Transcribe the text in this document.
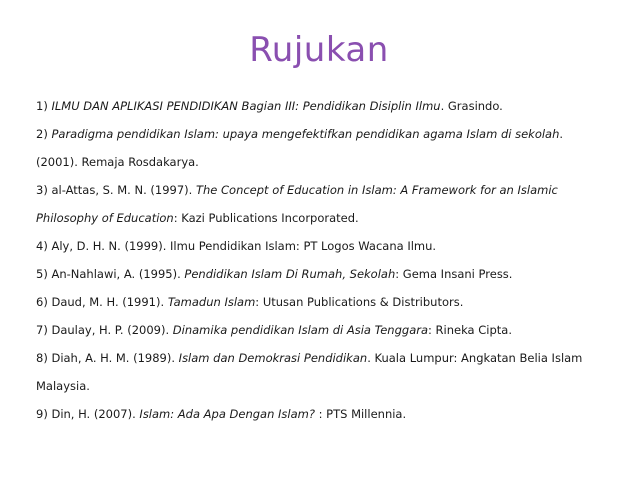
Rujukan
1) ILMU DAN APLIKASI PENDIDIKAN Bagian III: Pendidikan Disiplin Ilmu. Grasindo.
2) Paradigma pendidikan Islam: upaya mengefektifkan pendidikan agama Islam di sekolah.
(2001). Remaja Rosdakarya.
3) al-Attas, S. M. N. (1997). The Concept of Education in Islam: A Framework for an Islamic
Philosophy of Education: Kazi Publications Incorporated.
4) Aly, D. H. N. (1999). Ilmu Pendidikan Islam: PT Logos Wacana Ilmu.
5) An-Nahlawi, A. (1995). Pendidikan Islam Di Rumah, Sekolah: Gema Insani Press.
6) Daud, M. H. (1991). Tamadun Islam: Utusan Publications & Distributors.
7) Daulay, H. P. (2009). Dinamika pendidikan Islam di Asia Tenggara: Rineka Cipta.
8) Diah, A. H. M. (1989). Islam dan Demokrasi Pendidikan. Kuala Lumpur: Angkatan Belia Islam
Malaysia.
9) Din, H. (2007). Islam: Ada Apa Dengan Islam? : PTS Millennia.
